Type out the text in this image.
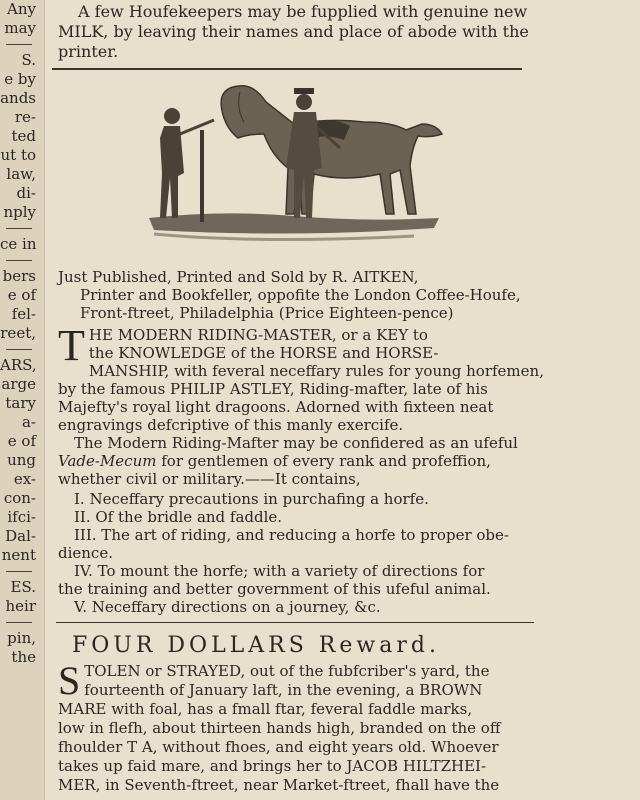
Any
may
S.
e by
ands
re-
ted
ut to
law,
di-
nply
ce in
bers
e of
fel-
reet,
ARS,
arge
tary
a-
e of
ung
ex-
con-
ifci-
Dal-
nent
ES.
heir
pin,
the

A few Houfekeepers may be fupplied with genuine new

MILK, by leaving their names and place of abode with the

printer.

Just Published, Printed and Sold by R. AITKEN,
Printer and Bookfeller, oppofite the London Coffee-Houfe,
Front-ftreet, Philadelphia (Price Eighteen-pence)
T HE MODERN RIDING-MASTER, or a KEY to
the KNOWLEDGE of the HORSE and HORSE-
MANSHIP, with feveral neceffary rules for young horfemen,
by the famous PHILIP ASTLEY, Riding-mafter, late of his
Majefty's royal light dragoons. Adorned with fixteen neat
engravings defcriptive of this manly exercife.
The Modern Riding-Mafter may be confidered as an ufeful
Vade-Mecum for gentlemen of every rank and profeffion,
whether civil or military.——It contains,
I. Neceffary precautions in purchafing a horfe.
II. Of the bridle and faddle.
III. The art of riding, and reducing a horfe to proper obe-
dience.
IV. To mount the horfe; with a variety of directions for
the training and better government of this ufeful animal.
V. Neceffary directions on a journey, &c.
FOUR DOLLARS Reward.
S TOLEN or STRAYED, out of the fubfcriber's yard, the
fourteenth of January laft, in the evening, a BROWN
MARE with foal, has a fmall ftar, feveral faddle marks,
low in flefh, about thirteen hands high, branded on the off
fhoulder T A, without fhoes, and eight years old. Whoever
takes up faid mare, and brings her to JACOB HILTZHEI-
MER, in Seventh-ftreet, near Market-ftreet, fhall have the
